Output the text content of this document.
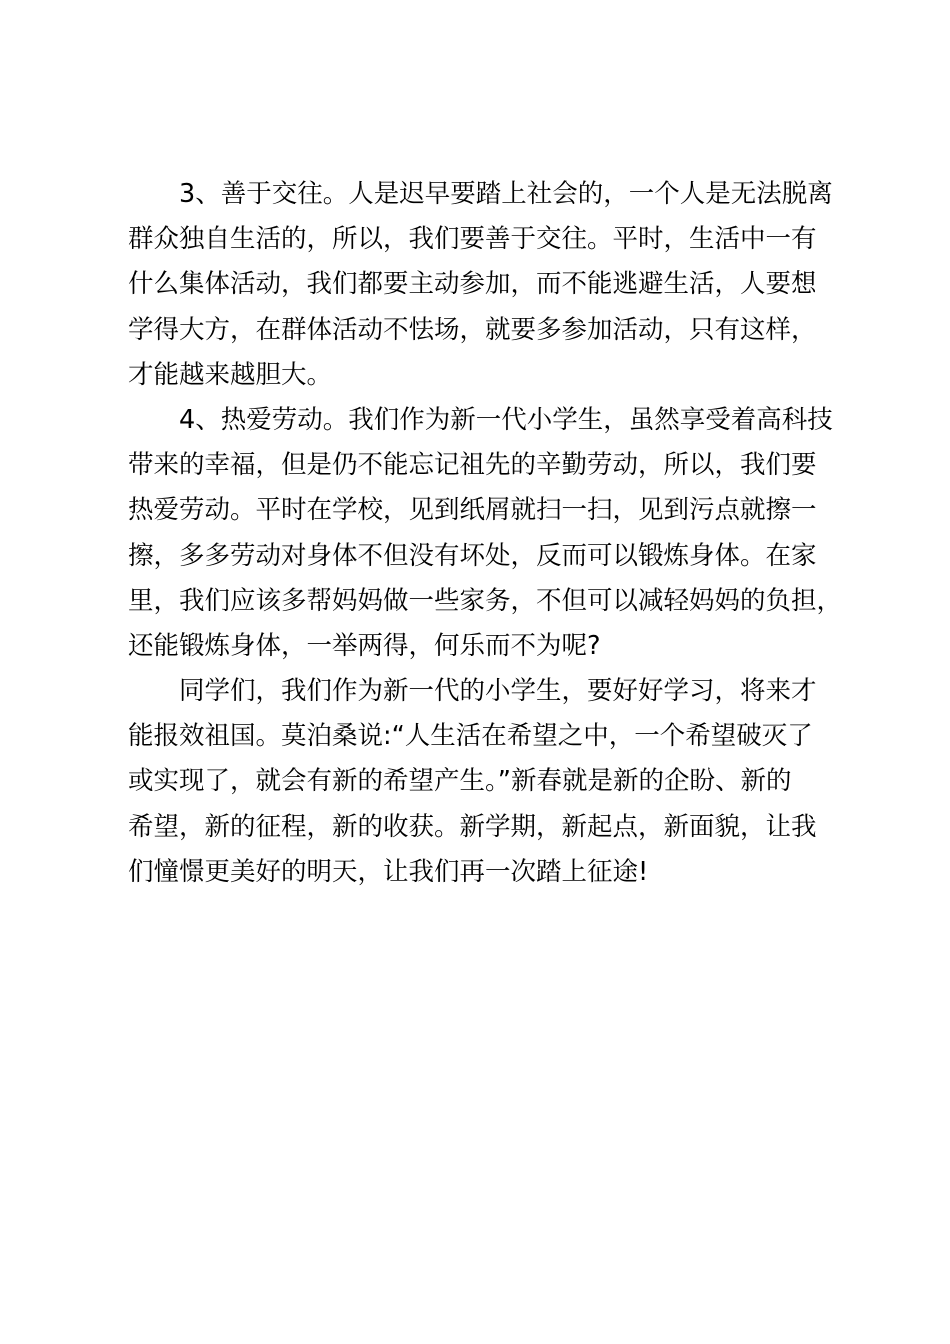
3、善于交往。人是迟早要踏上社会的，一个人是无法脱离
群众独自生活的，所以，我们要善于交往。平时，生活中一有
什么集体活动，我们都要主动参加，而不能逃避生活，人要想
学得大方，在群体活动不怯场，就要多参加活动，只有这样，
才能越来越胆大。
4、热爱劳动。我们作为新一代小学生，虽然享受着高科技
带来的幸福，但是仍不能忘记祖先的辛勤劳动，所以，我们要
热爱劳动。平时在学校，见到纸屑就扫一扫，见到污点就擦一
擦，多多劳动对身体不但没有坏处，反而可以锻炼身体。在家
里，我们应该多帮妈妈做一些家务，不但可以减轻妈妈的负担，
还能锻炼身体，一举两得，何乐而不为呢?
同学们，我们作为新一代的小学生，要好好学习，将来才
能报效祖国。莫泊桑说:“人生活在希望之中，一个希望破灭了
或实现了，就会有新的希望产生。”新春就是新的企盼、新的
希望，新的征程，新的收获。新学期，新起点，新面貌，让我
们憧憬更美好的明天，让我们再一次踏上征途!
